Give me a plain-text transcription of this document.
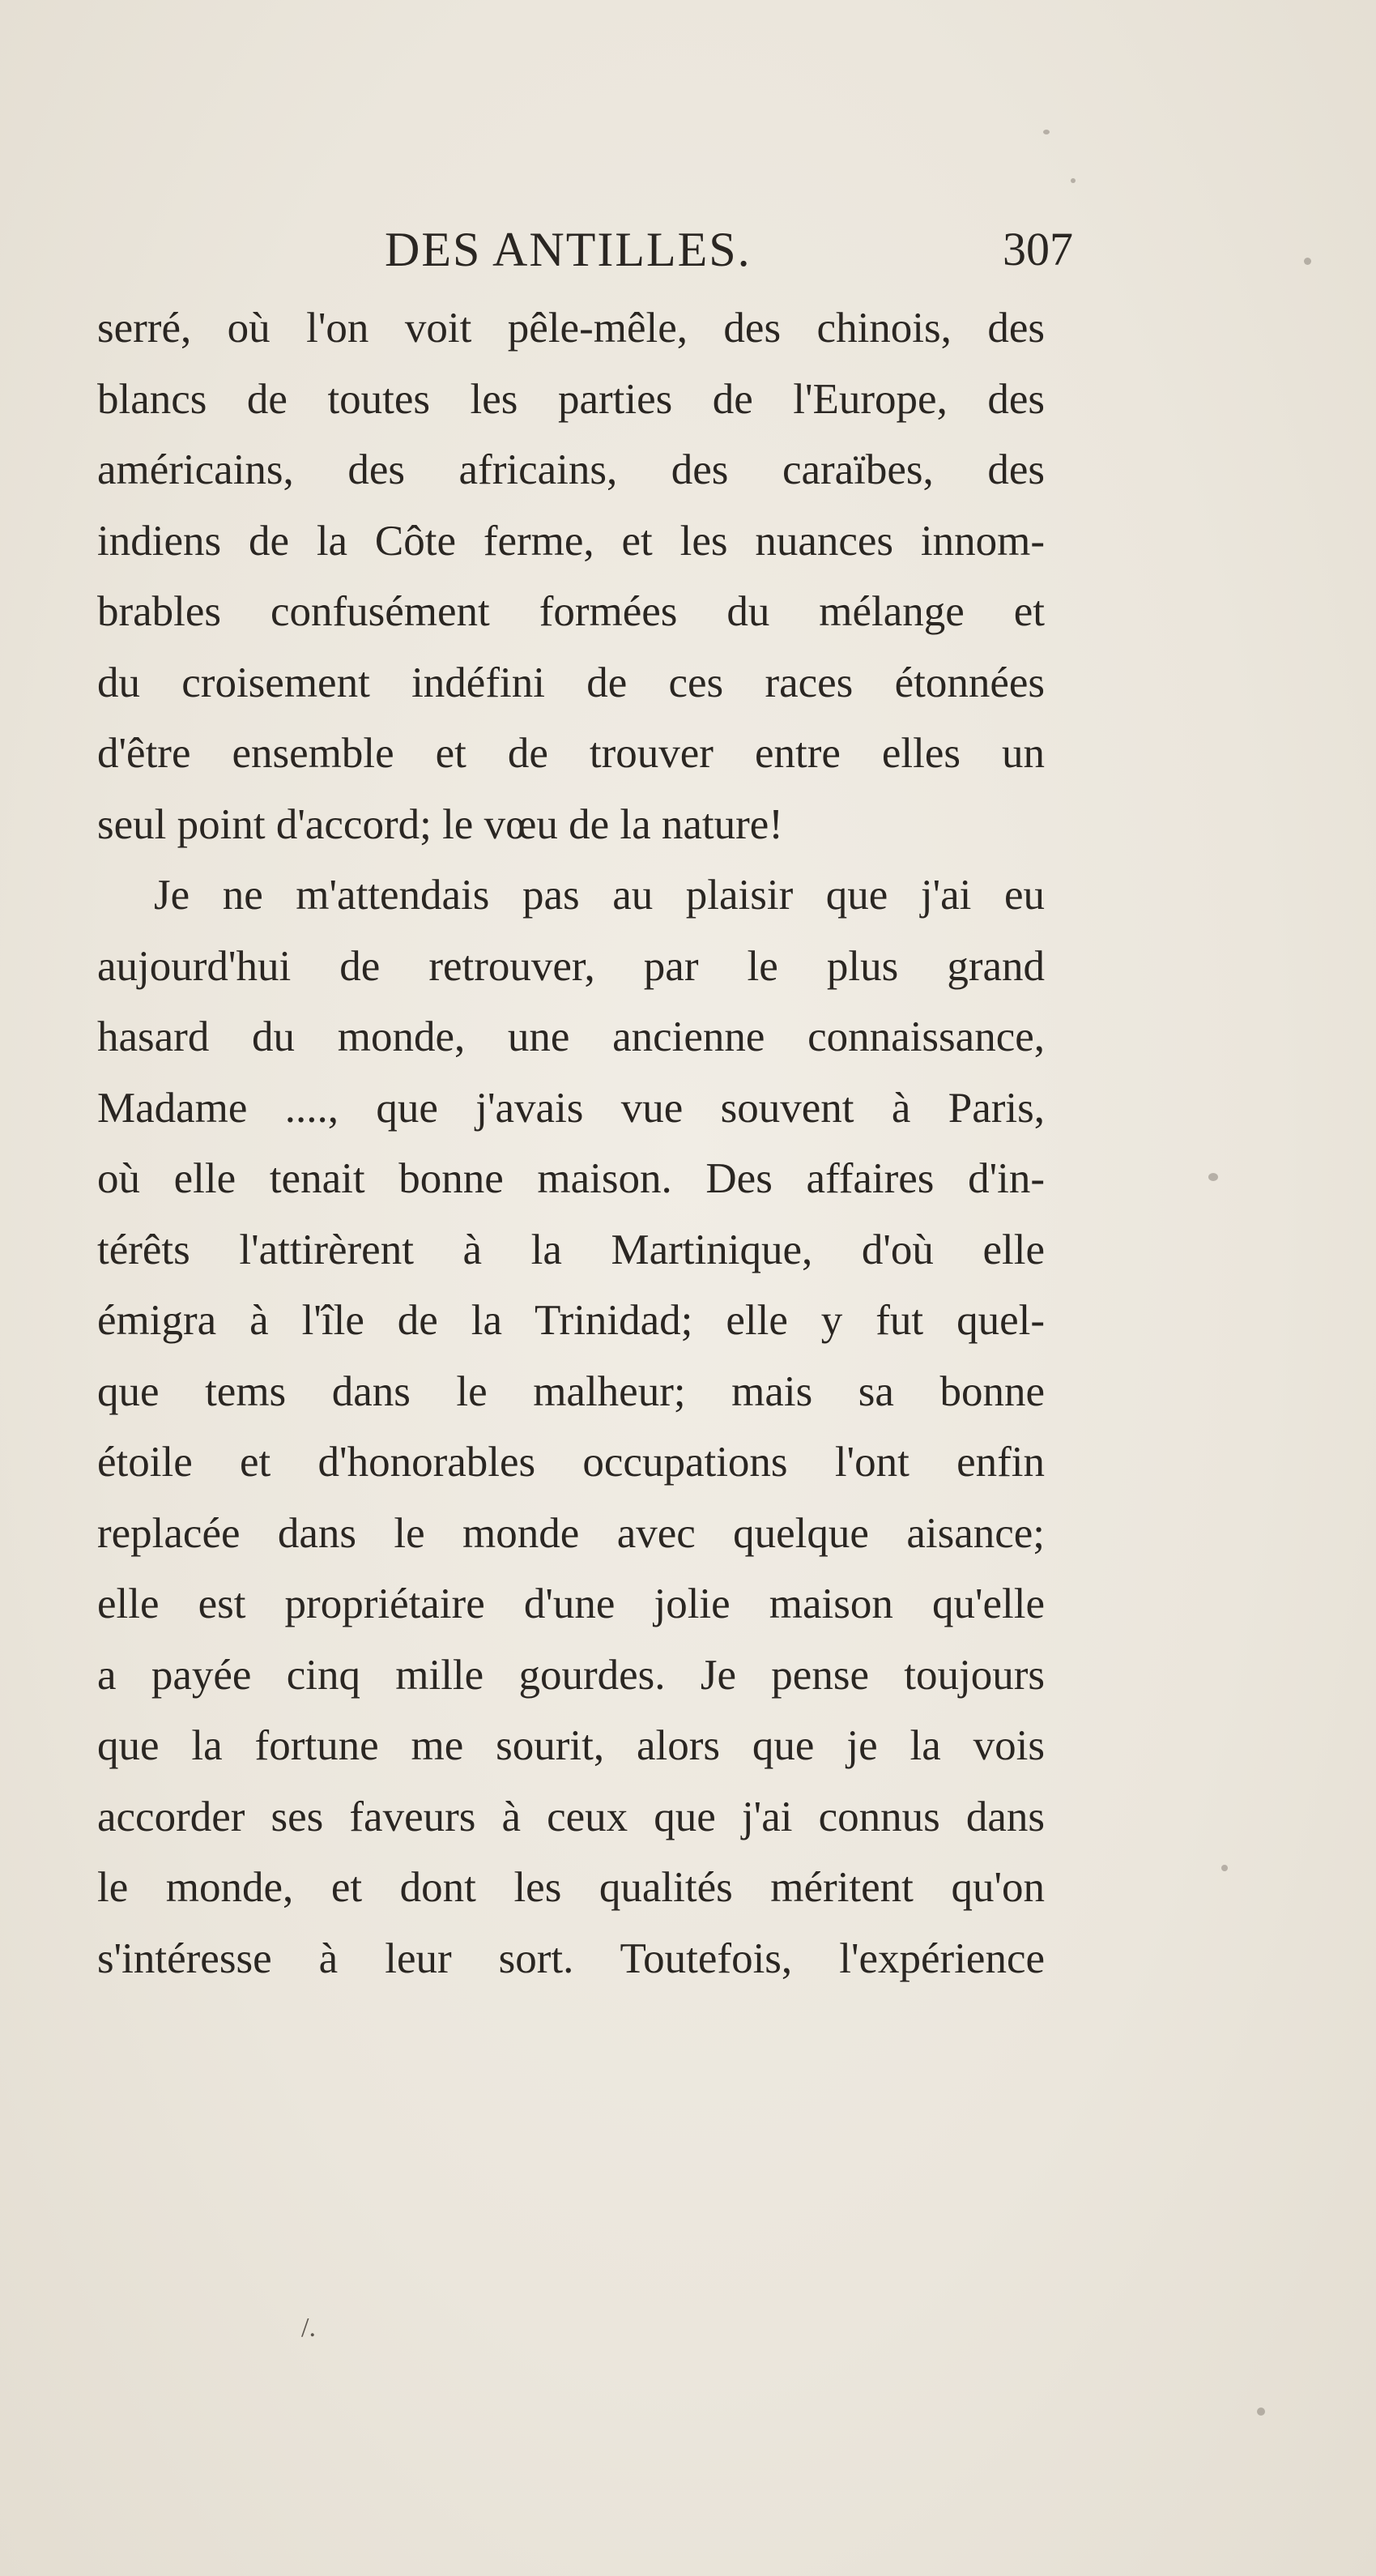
DES ANTILLES.	307
serré, où l'on voit pêle-mêle, des chinois, des
blancs de toutes les parties de l'Europe, des
américains, des africains, des caraïbes, des
indiens de la Côte ferme, et les nuances innom-
brables confusément formées du mélange et
du croisement indéfini de ces races étonnées
d'être ensemble et de trouver entre elles un
seul point d'accord; le vœu de la nature!
Je ne m'attendais pas au plaisir que j'ai eu
aujourd'hui de retrouver, par le plus grand
hasard du monde, une ancienne connaissance,
Madame ...., que j'avais vue souvent à Paris,
où elle tenait bonne maison. Des affaires d'in-
térêts l'attirèrent à la Martinique, d'où elle
émigra à l'île de la Trinidad; elle y fut quel-
que tems dans le malheur; mais sa bonne
étoile et d'honorables occupations l'ont enfin
replacée dans le monde avec quelque aisance;
elle est propriétaire d'une jolie maison qu'elle
a payée cinq mille gourdes. Je pense toujours
que la fortune me sourit, alors que je la vois
accorder ses faveurs à ceux que j'ai connus dans
le monde, et dont les qualités méritent qu'on
s'intéresse à leur sort. Toutefois, l'expérience
/.
